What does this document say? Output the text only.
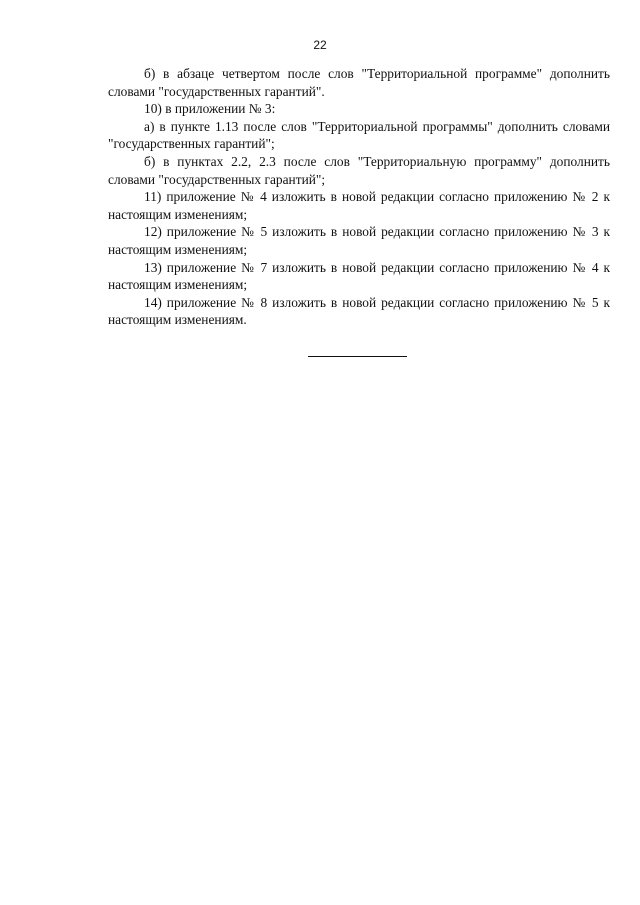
22

б) в абзаце четвертом после слов "Территориальной программе" дополнить словами "государственных гарантий".

10) в приложении № 3:

а) в пункте 1.13 после слов "Территориальной программы" дополнить словами "государственных гарантий";

б) в пунктах 2.2, 2.3 после слов "Территориальную программу" дополнить словами "государственных гарантий";

11) приложение № 4 изложить в новой редакции согласно приложению № 2 к настоящим изменениям;

12) приложение № 5 изложить в новой редакции согласно приложению № 3 к настоящим изменениям;

13) приложение № 7 изложить в новой редакции согласно приложению № 4 к настоящим изменениям;

14) приложение № 8 изложить в новой редакции согласно приложению № 5 к настоящим изменениям.
